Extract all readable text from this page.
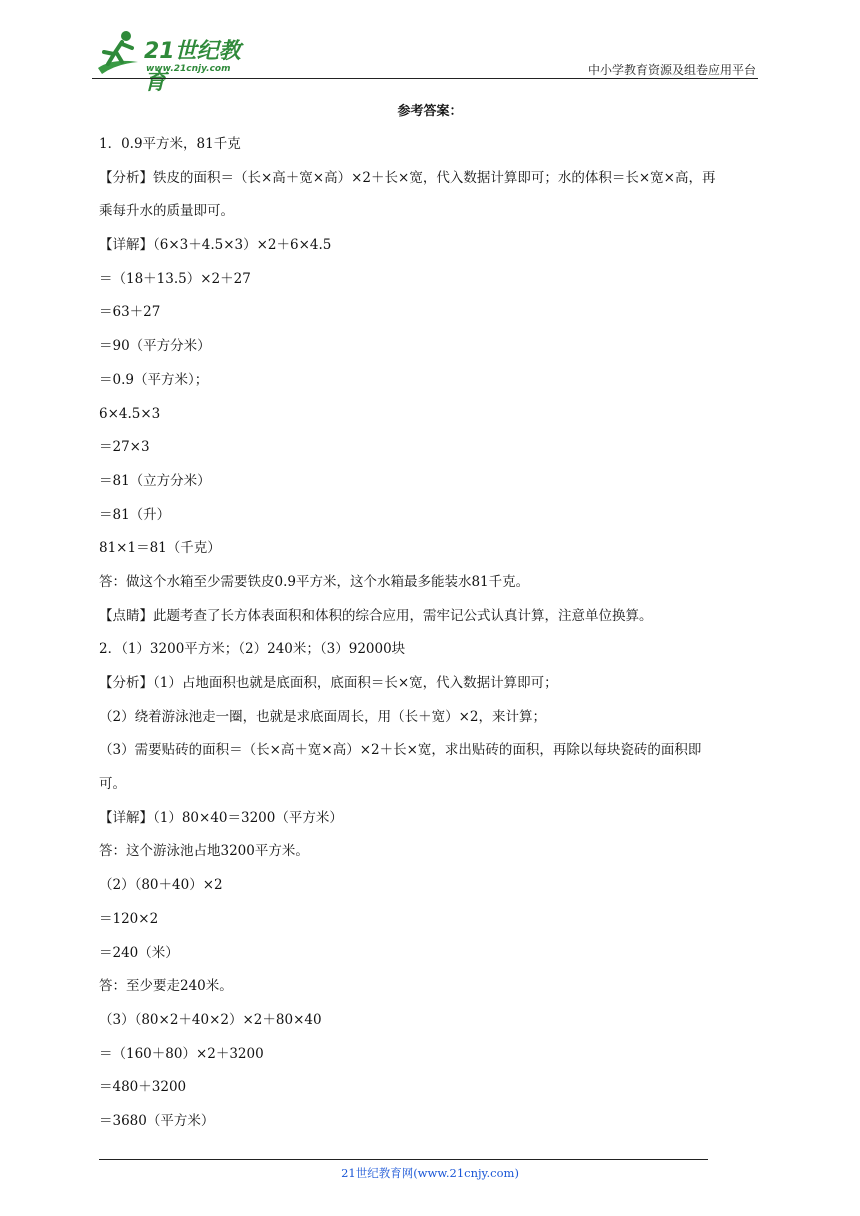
21世纪教育
www.21cnjy.com	中小学教育资源及组卷应用平台
参考答案：
1．0.9平方米，81千克
【分析】铁皮的面积＝（长×高＋宽×高）×2＋长×宽，代入数据计算即可；水的体积＝长×宽×高，再
乘每升水的质量即可。
【详解】（6×3＋4.5×3）×2＋6×4.5
＝（18＋13.5）×2＋27
＝63＋27
＝90（平方分米）
＝0.9（平方米）；
6×4.5×3
＝27×3
＝81（立方分米）
＝81（升）
81×1＝81（千克）
答：做这个水箱至少需要铁皮0.9平方米，这个水箱最多能装水81千克。
【点睛】此题考查了长方体表面积和体积的综合应用，需牢记公式认真计算，注意单位换算。
2．（1）3200平方米；（2）240米；（3）92000块
【分析】（1）占地面积也就是底面积，底面积＝长×宽，代入数据计算即可；
（2）绕着游泳池走一圈，也就是求底面周长，用（长＋宽）×2，来计算；
（3）需要贴砖的面积＝（长×高＋宽×高）×2＋长×宽，求出贴砖的面积，再除以每块瓷砖的面积即
可。
【详解】（1）80×40＝3200（平方米）
答：这个游泳池占地3200平方米。
（2）（80＋40）×2
＝120×2
＝240（米）
答：至少要走240米。
（3）（80×2＋40×2）×2＋80×40
＝（160＋80）×2＋3200
＝480＋3200
＝3680（平方米）
21世纪教育网(www.21cnjy.com)
